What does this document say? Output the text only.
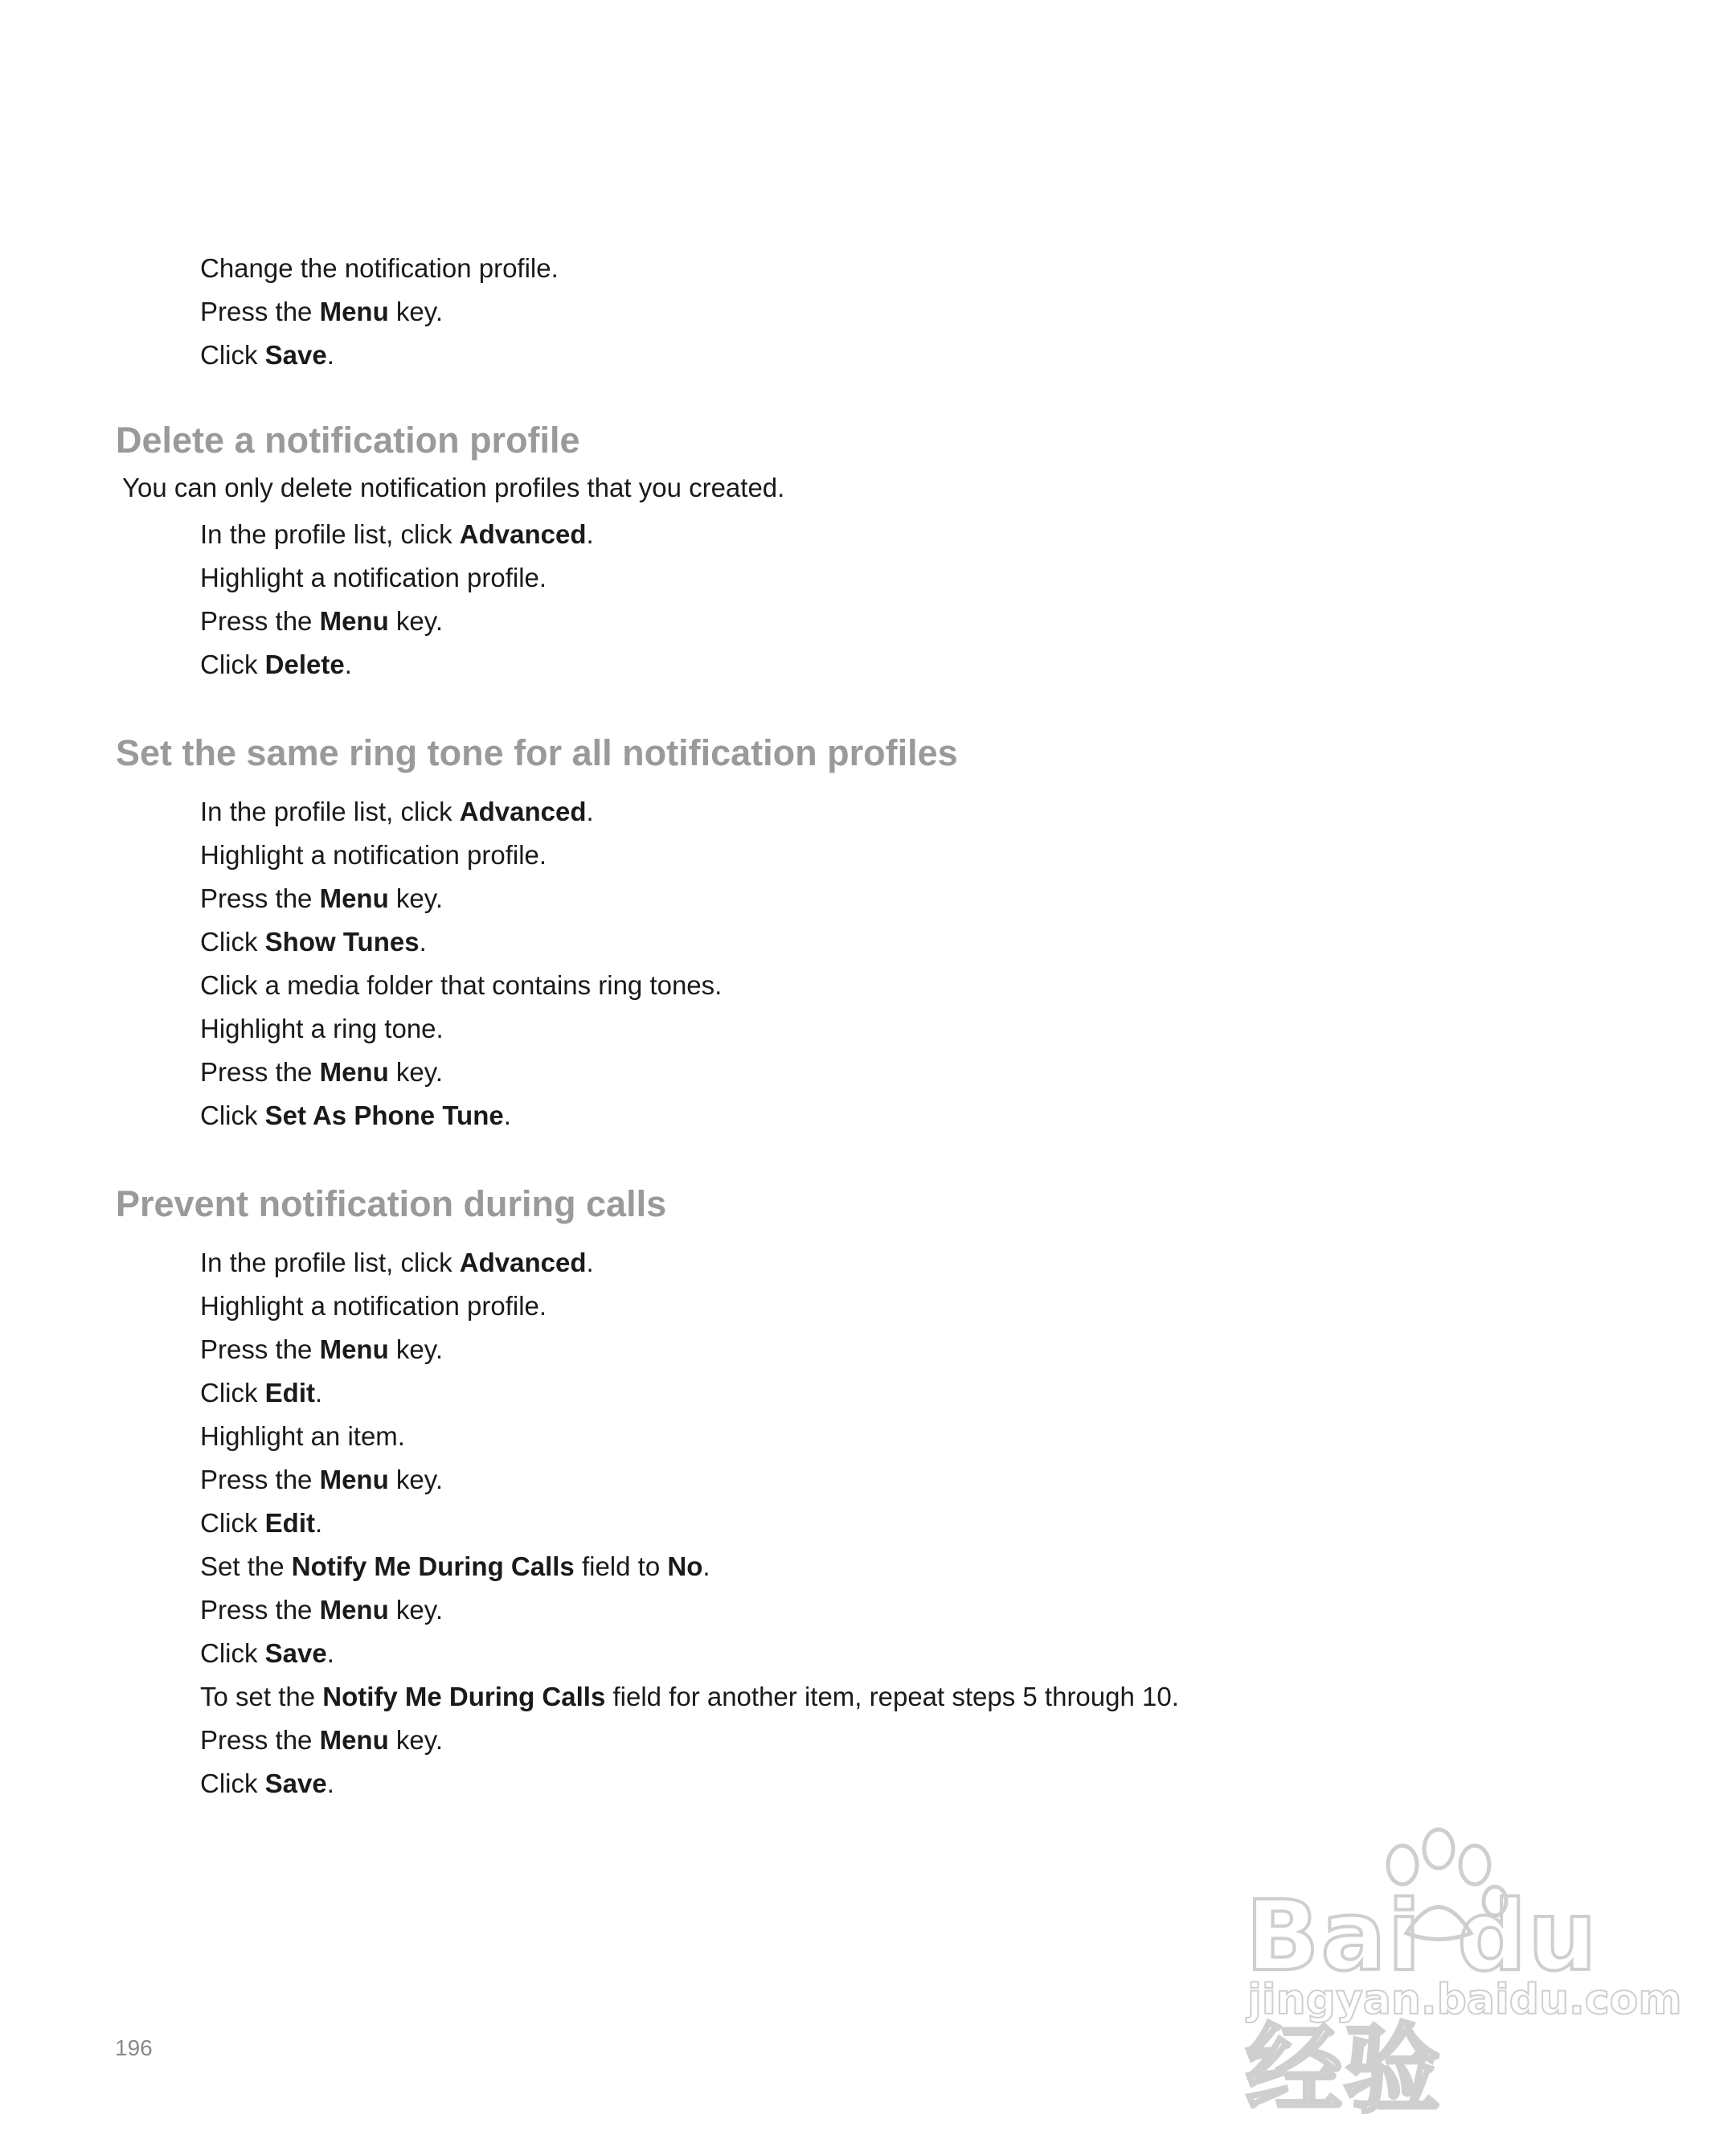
Change the notification profile.
Press the Menu key.
Click Save.
Delete a notification profile
You can only delete notification profiles that you created.
In the profile list, click Advanced.
Highlight a notification profile.
Press the Menu key.
Click Delete.
Set the same ring tone for all notification profiles
In the profile list, click Advanced.
Highlight a notification profile.
Press the Menu key.
Click Show Tunes.
Click a media folder that contains ring tones.
Highlight a ring tone.
Press the Menu key.
Click Set As Phone Tune.
Prevent notification during calls
In the profile list, click Advanced.
Highlight a notification profile.
Press the Menu key.
Click Edit.
Highlight an item.
Press the Menu key.
Click Edit.
Set the Notify Me During Calls field to No.
Press the Menu key.
Click Save.
To set the Notify Me During Calls field for another item, repeat steps 5 through 10.
Press the Menu key.
Click Save.
Bai du 经验
jingyan.baidu.com
196
